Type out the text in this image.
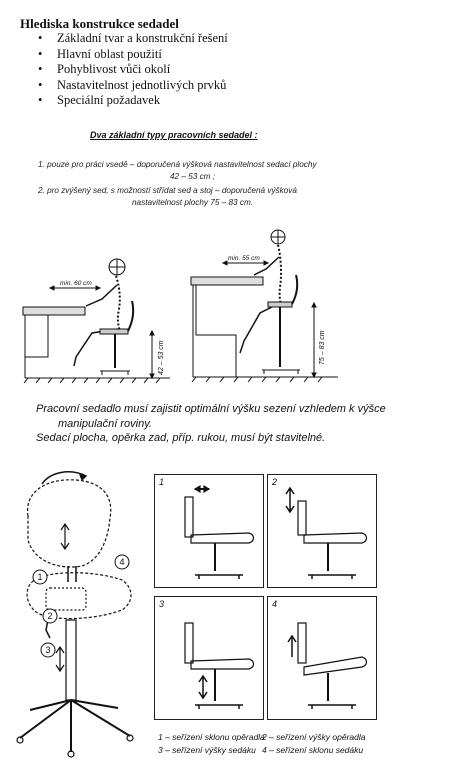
Hlediska konstrukce sedadel
• Základní tvar a konstrukční řešení
• Hlavní oblast použití
• Pohyblivost vůči okolí
• Nastavitelnost jednotlivých prvků
• Speciální požadavek
Dva základní typy pracovních sedadel :
1. pouze pro práci vsedě – doporučená výšková nastavitelnost sedací plochy
42 – 53 cm ;
2. pro zvýšený sed, s možností střídat sed a stoj – doporučená výšková
nastavitelnost plochy 75 – 83 cm.
min. 60 cm
42 – 53 cm
min. 55 cm
75 – 83 cm
Pracovní sedadlo musí zajistit optimální výšku sezení vzhledem k výšce
manipulační roviny.
Sedací plocha, opěrka zad, příp. rukou, musí být stavitelné.
1
2
3
4
1	2
3	4
1 – seřízení sklonu opěradla
2 – seřízení výšky opěradla
3 – seřízení výšky sedáku 4 – seřízení sklonu sedáku
